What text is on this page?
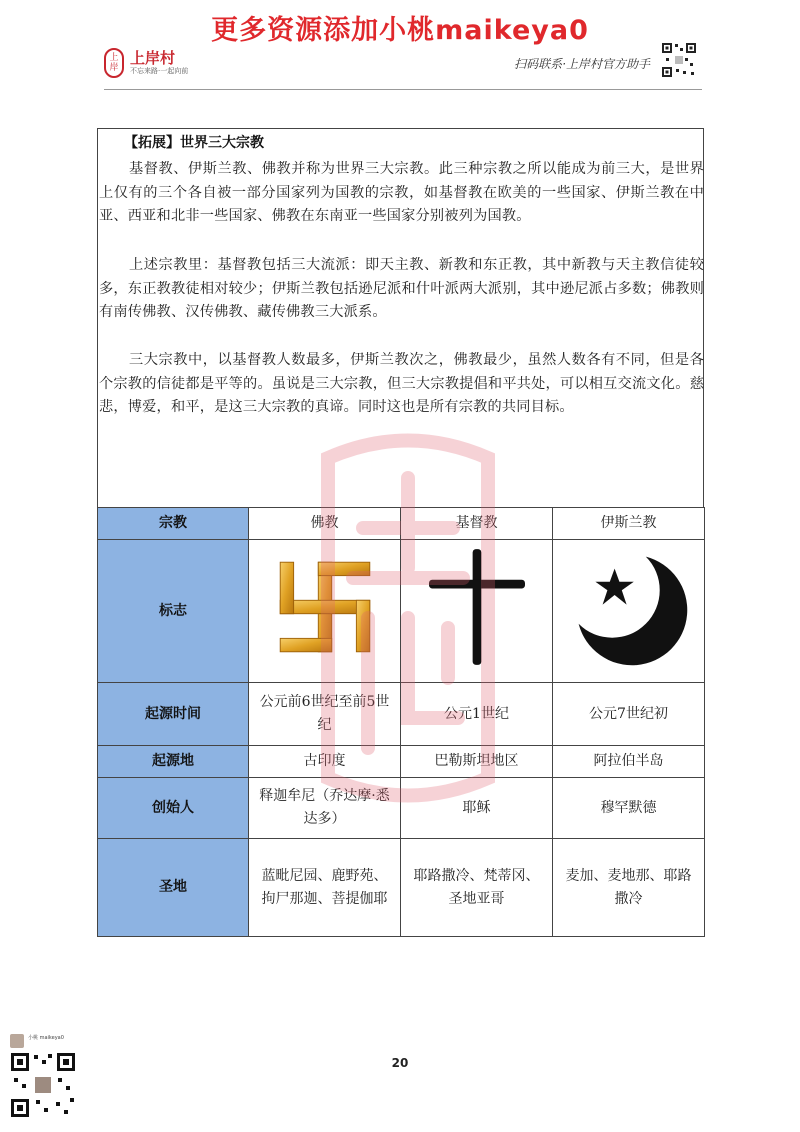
更多资源添加小桃maikeya0
上岸
上岸村
不忘来路·一起向前	扫码联系·上岸村官方助手
【拓展】世界三大宗教
基督教、伊斯兰教、佛教并称为世界三大宗教。此三种宗教之所以能成为前三大，是世界上仅有的三个各自被一部分国家列为国教的宗教，如基督教在欧美的一些国家、伊斯兰教在中亚、西亚和北非一些国家、佛教在东南亚一些国家分别被列为国教。
上述宗教里：基督教包括三大流派：即天主教、新教和东正教，其中新教与天主教信徒较多，东正教教徒相对较少；伊斯兰教包括逊尼派和什叶派两大派别，其中逊尼派占多数；佛教则有南传佛教、汉传佛教、藏传佛教三大派系。
三大宗教中，以基督教人数最多，伊斯兰教次之，佛教最少，虽然人数各有不同，但是各个宗教的信徒都是平等的。虽说是三大宗教，但三大宗教提倡和平共处，可以相互交流文化。慈悲，博爱，和平，是这三大宗教的真谛。同时这也是所有宗教的共同目标。
宗教	佛教	基督教	伊斯兰教
标志			
起源时间	公元前6世纪至前5世纪	公元1世纪	公元7世纪初
起源地	古印度	巴勒斯坦地区	阿拉伯半岛
创始人	释迦牟尼（乔达摩·悉达多）	耶稣	穆罕默德
圣地	蓝毗尼园、鹿野苑、拘尸那迦、菩提伽耶	耶路撒冷、梵蒂冈、圣地亚哥	麦加、麦地那、耶路撒冷
20
小桃 maikeya0
